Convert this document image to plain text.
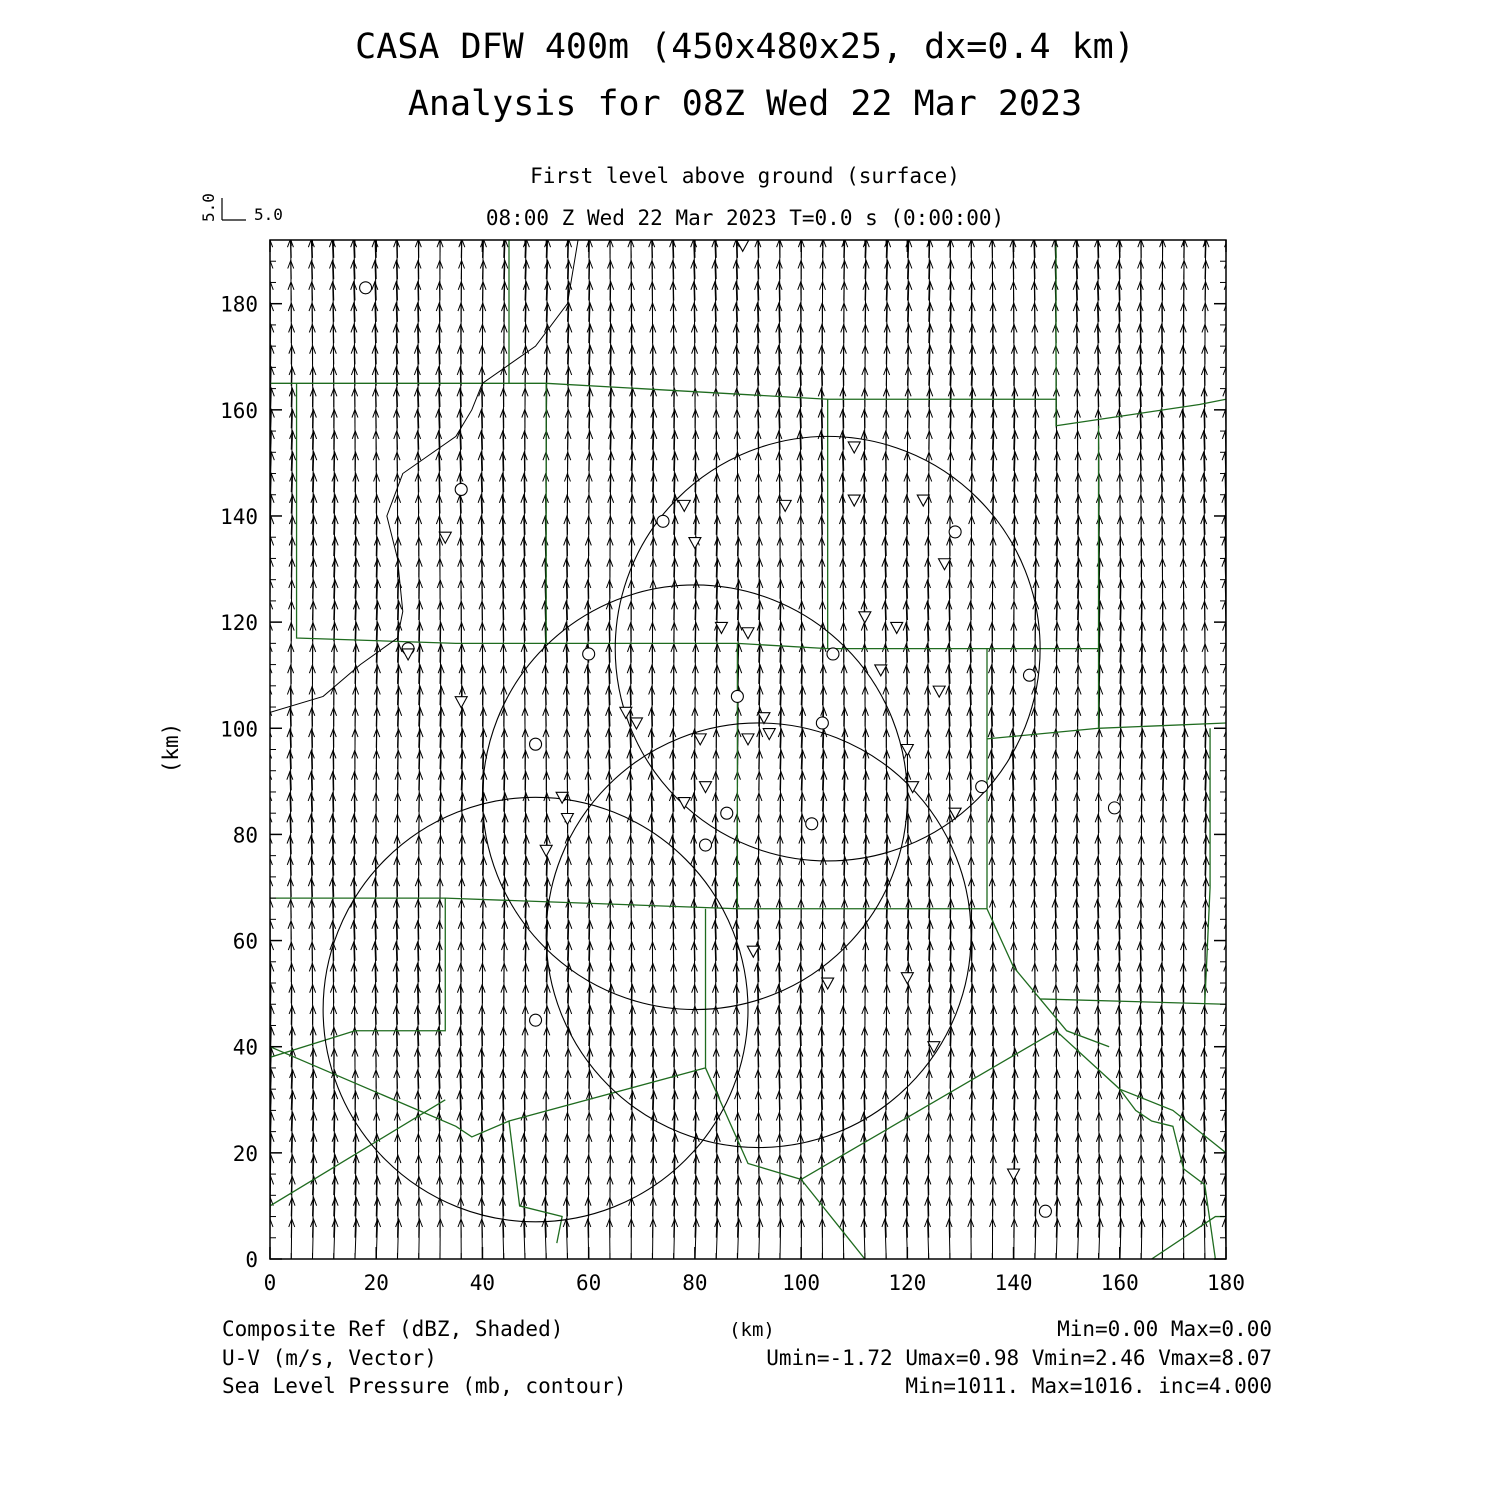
CASA DFW 400m (450x480x25, dx=0.4 km)
Analysis for 08Z Wed 22 Mar 2023
First level above ground (surface)
08:00 Z Wed 22 Mar 2023 T=0.0 s (0:00:00)
5.0
5.0
0	20	40	60	80	100	120	140	160	180
0
20
40
60
80
100
120
140
160
180
(km)
Composite Ref (dBZ, Shaded)
U-V (m/s, Vector)
Sea Level Pressure (mb, contour)
(km)	Min=0.00 Max=0.00
Umin=-1.72 Umax=0.98 Vmin=2.46 Vmax=8.07
Min=1011. Max=1016. inc=4.000
